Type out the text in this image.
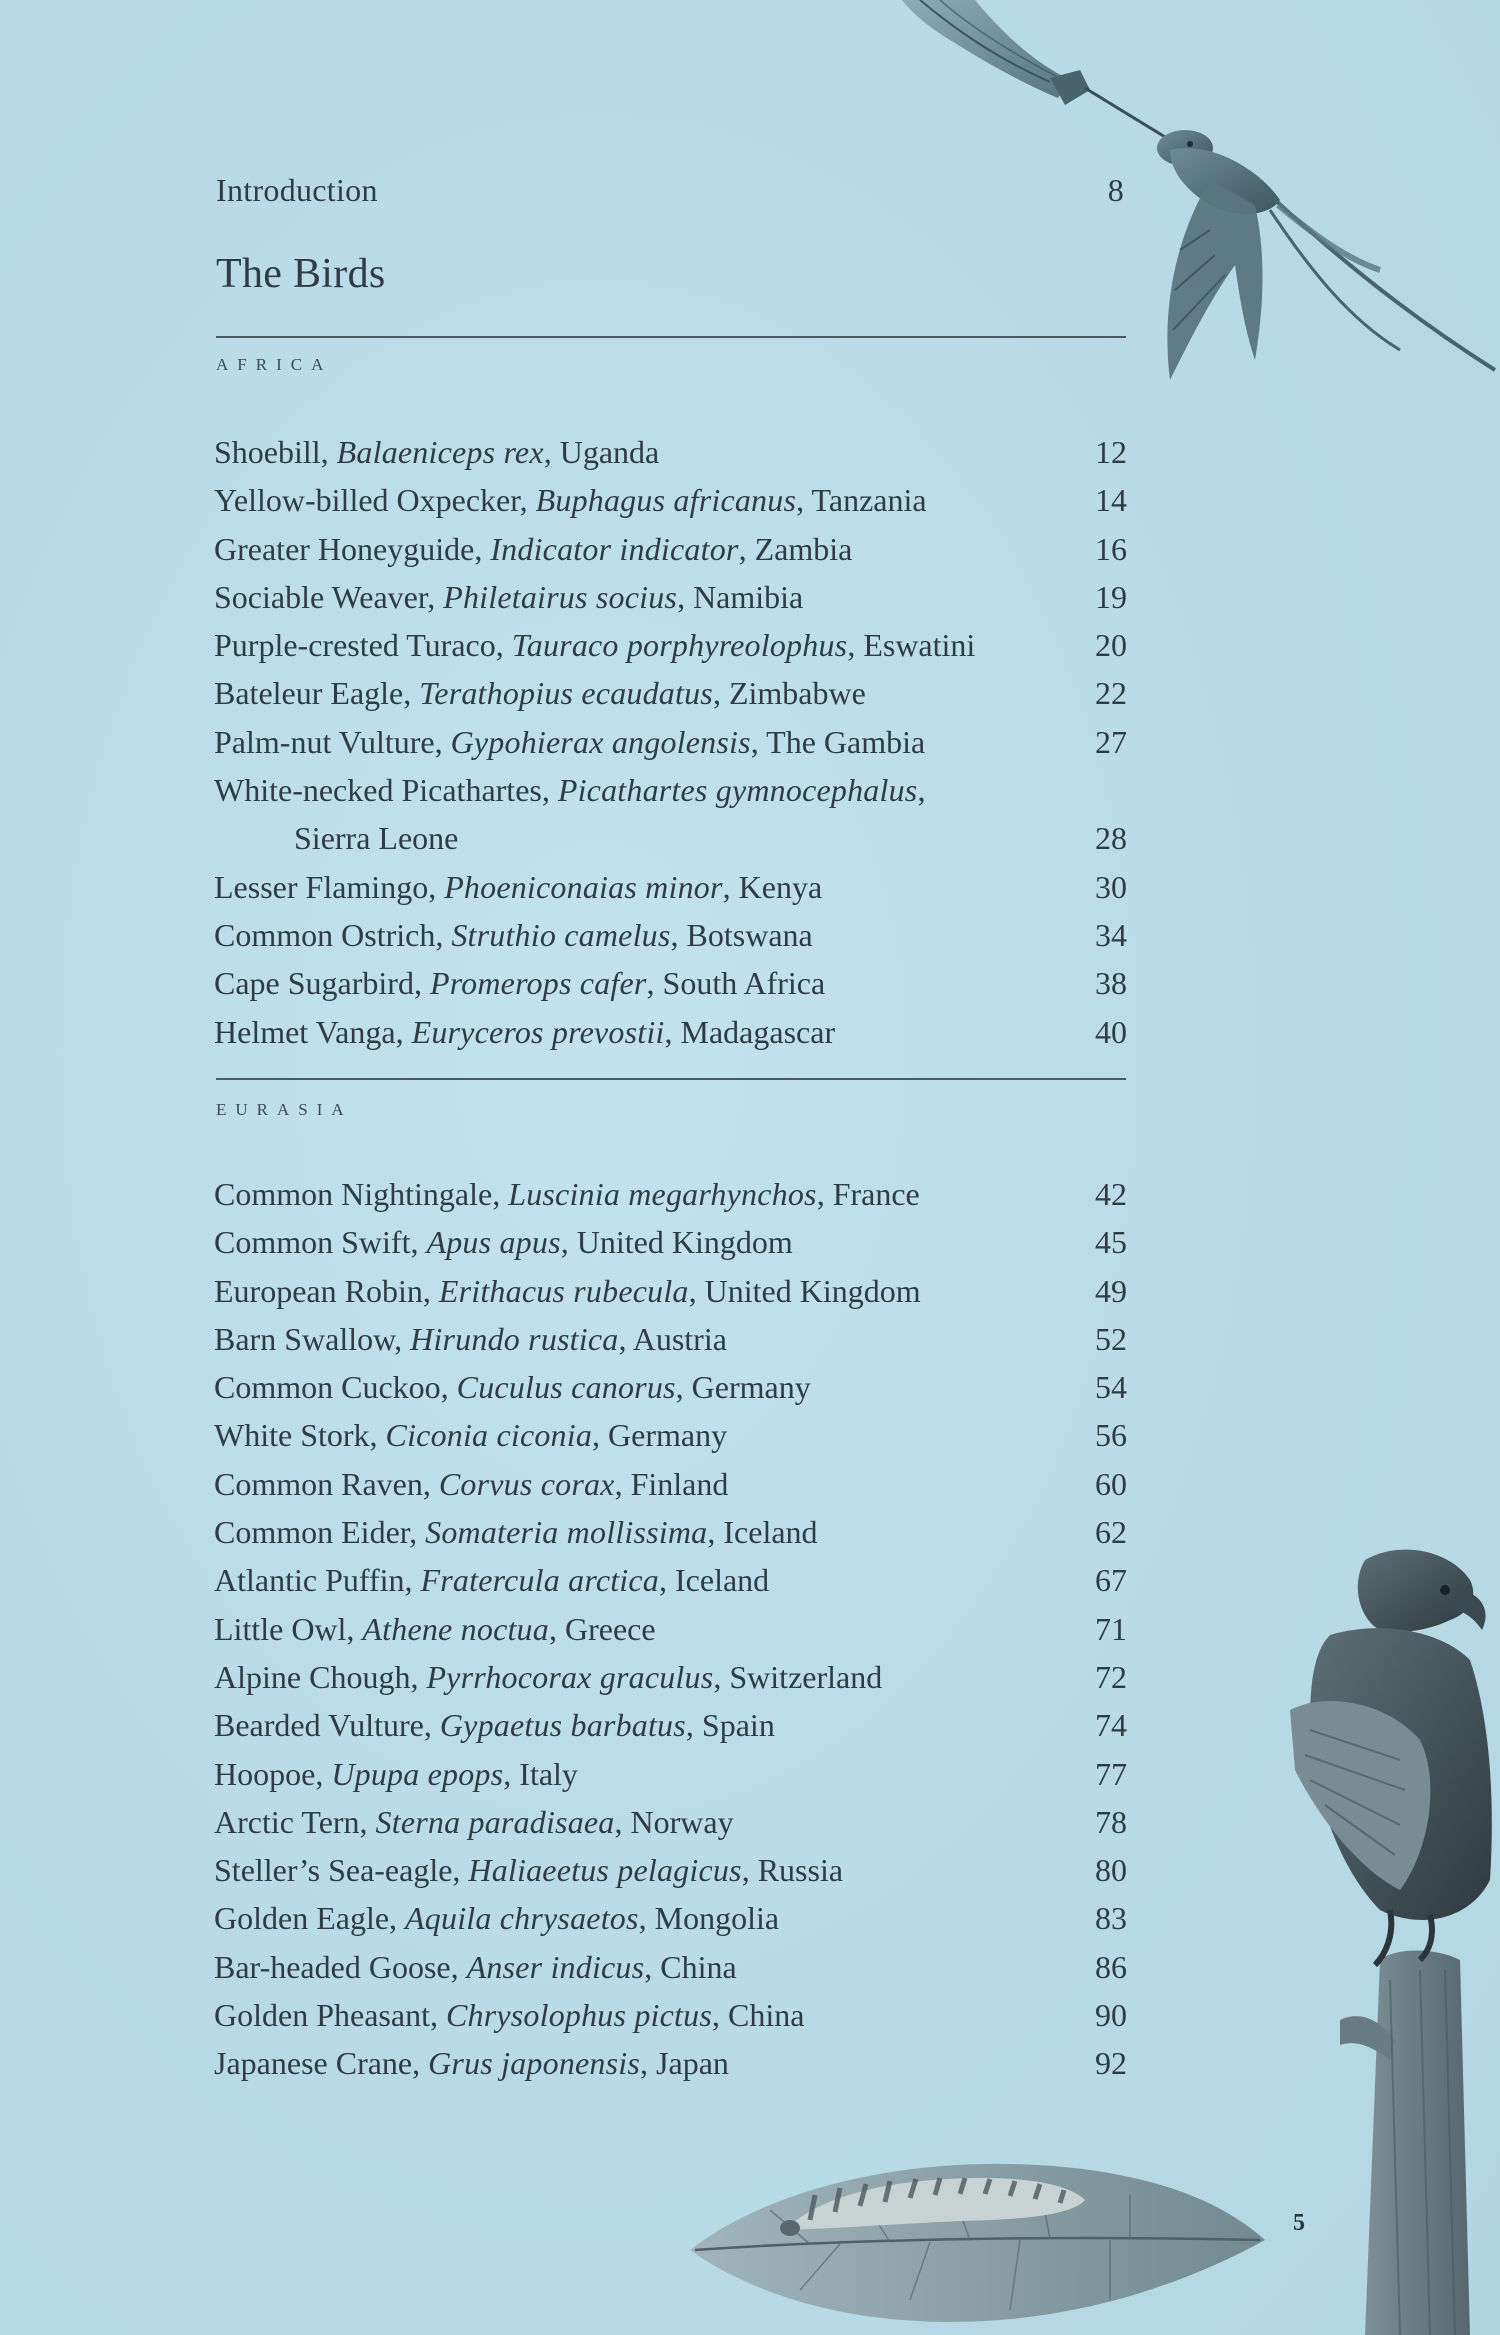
Introduction	8
The Birds
AFRICA
Shoebill, Balaeniceps rex, Uganda	12
Yellow-billed Oxpecker, Buphagus africanus, Tanzania	14
Greater Honeyguide, Indicator indicator, Zambia	16
Sociable Weaver, Philetairus socius, Namibia	19
Purple-crested Turaco, Tauraco porphyreolophus, Eswatini	20
Bateleur Eagle, Terathopius ecaudatus, Zimbabwe	22
Palm-nut Vulture, Gypohierax angolensis, The Gambia	27
White-necked Picathartes, Picathartes gymnocephalus,
Sierra Leone	28
Lesser Flamingo, Phoeniconaias minor, Kenya	30
Common Ostrich, Struthio camelus, Botswana	34
Cape Sugarbird, Promerops cafer, South Africa	38
Helmet Vanga, Euryceros prevostii, Madagascar	40
EURASIA
Common Nightingale, Luscinia megarhynchos, France	42
Common Swift, Apus apus, United Kingdom	45
European Robin, Erithacus rubecula, United Kingdom	49
Barn Swallow, Hirundo rustica, Austria	52
Common Cuckoo, Cuculus canorus, Germany	54
White Stork, Ciconia ciconia, Germany	56
Common Raven, Corvus corax, Finland	60
Common Eider, Somateria mollissima, Iceland	62
Atlantic Puffin, Fratercula arctica, Iceland	67
Little Owl, Athene noctua, Greece	71
Alpine Chough, Pyrrhocorax graculus, Switzerland	72
Bearded Vulture, Gypaetus barbatus, Spain	74
Hoopoe, Upupa epops, Italy	77
Arctic Tern, Sterna paradisaea, Norway	78
Steller’s Sea-eagle, Haliaeetus pelagicus, Russia	80
Golden Eagle, Aquila chrysaetos, Mongolia	83
Bar-headed Goose, Anser indicus, China	86
Golden Pheasant, Chrysolophus pictus, China	90
Japanese Crane, Grus japonensis, Japan	92
5
